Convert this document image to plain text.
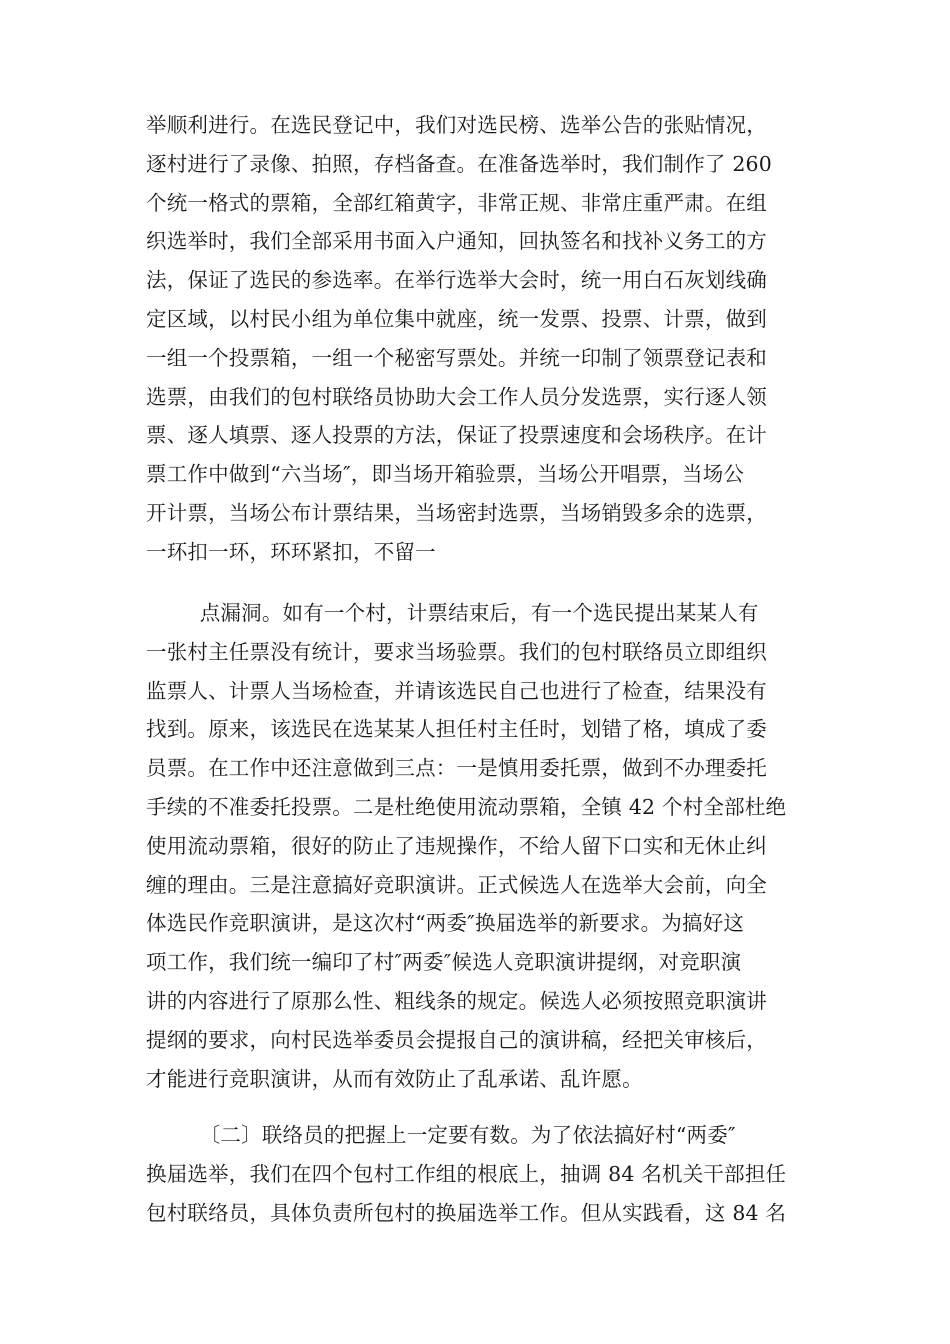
举顺利进行。在选民登记中，我们对选民榜、选举公告的张贴情况，
逐村进行了录像、拍照，存档备查。在准备选举时，我们制作了 260
个统一格式的票箱，全部红箱黄字，非常正规、非常庄重严肃。在组
织选举时，我们全部采用书面入户通知，回执签名和找补义务工的方
法，保证了选民的参选率。在举行选举大会时，统一用白石灰划线确
定区域，以村民小组为单位集中就座，统一发票、投票、计票，做到
一组一个投票箱，一组一个秘密写票处。并统一印制了领票登记表和
选票，由我们的包村联络员协助大会工作人员分发选票，实行逐人领
票、逐人填票、逐人投票的方法，保证了投票速度和会场秩序。在计
票工作中做到“六当场″，即当场开箱验票，当场公开唱票，当场公
开计票，当场公布计票结果，当场密封选票，当场销毁多余的选票，
一环扣一环，环环紧扣，不留一
点漏洞。如有一个村，计票结束后，有一个选民提出某某人有
一张村主任票没有统计，要求当场验票。我们的包村联络员立即组织
监票人、计票人当场检查，并请该选民自己也进行了检查，结果没有
找到。原来，该选民在选某某人担任村主任时，划错了格，填成了委
员票。在工作中还注意做到三点：一是慎用委托票，做到不办理委托
手续的不准委托投票。二是杜绝使用流动票箱，全镇 42 个村全部杜绝
使用流动票箱，很好的防止了违规操作，不给人留下口实和无休止纠
缠的理由。三是注意搞好竞职演讲。正式候选人在选举大会前，向全
体选民作竞职演讲，是这次村“两委″换届选举的新要求。为搞好这
项工作，我们统一编印了村″两委″候选人竞职演讲提纲，对竞职演
讲的内容进行了原那么性、粗线条的规定。候选人必须按照竞职演讲
提纲的要求，向村民选举委员会提报自己的演讲稿，经把关审核后，
才能进行竞职演讲，从而有效防止了乱承诺、乱许愿。
〔二〕联络员的把握上一定要有数。为了依法搞好村“两委″
换届选举，我们在四个包村工作组的根底上，抽调 84 名机关干部担任
包村联络员，具体负责所包村的换届选举工作。但从实践看，这 84 名
